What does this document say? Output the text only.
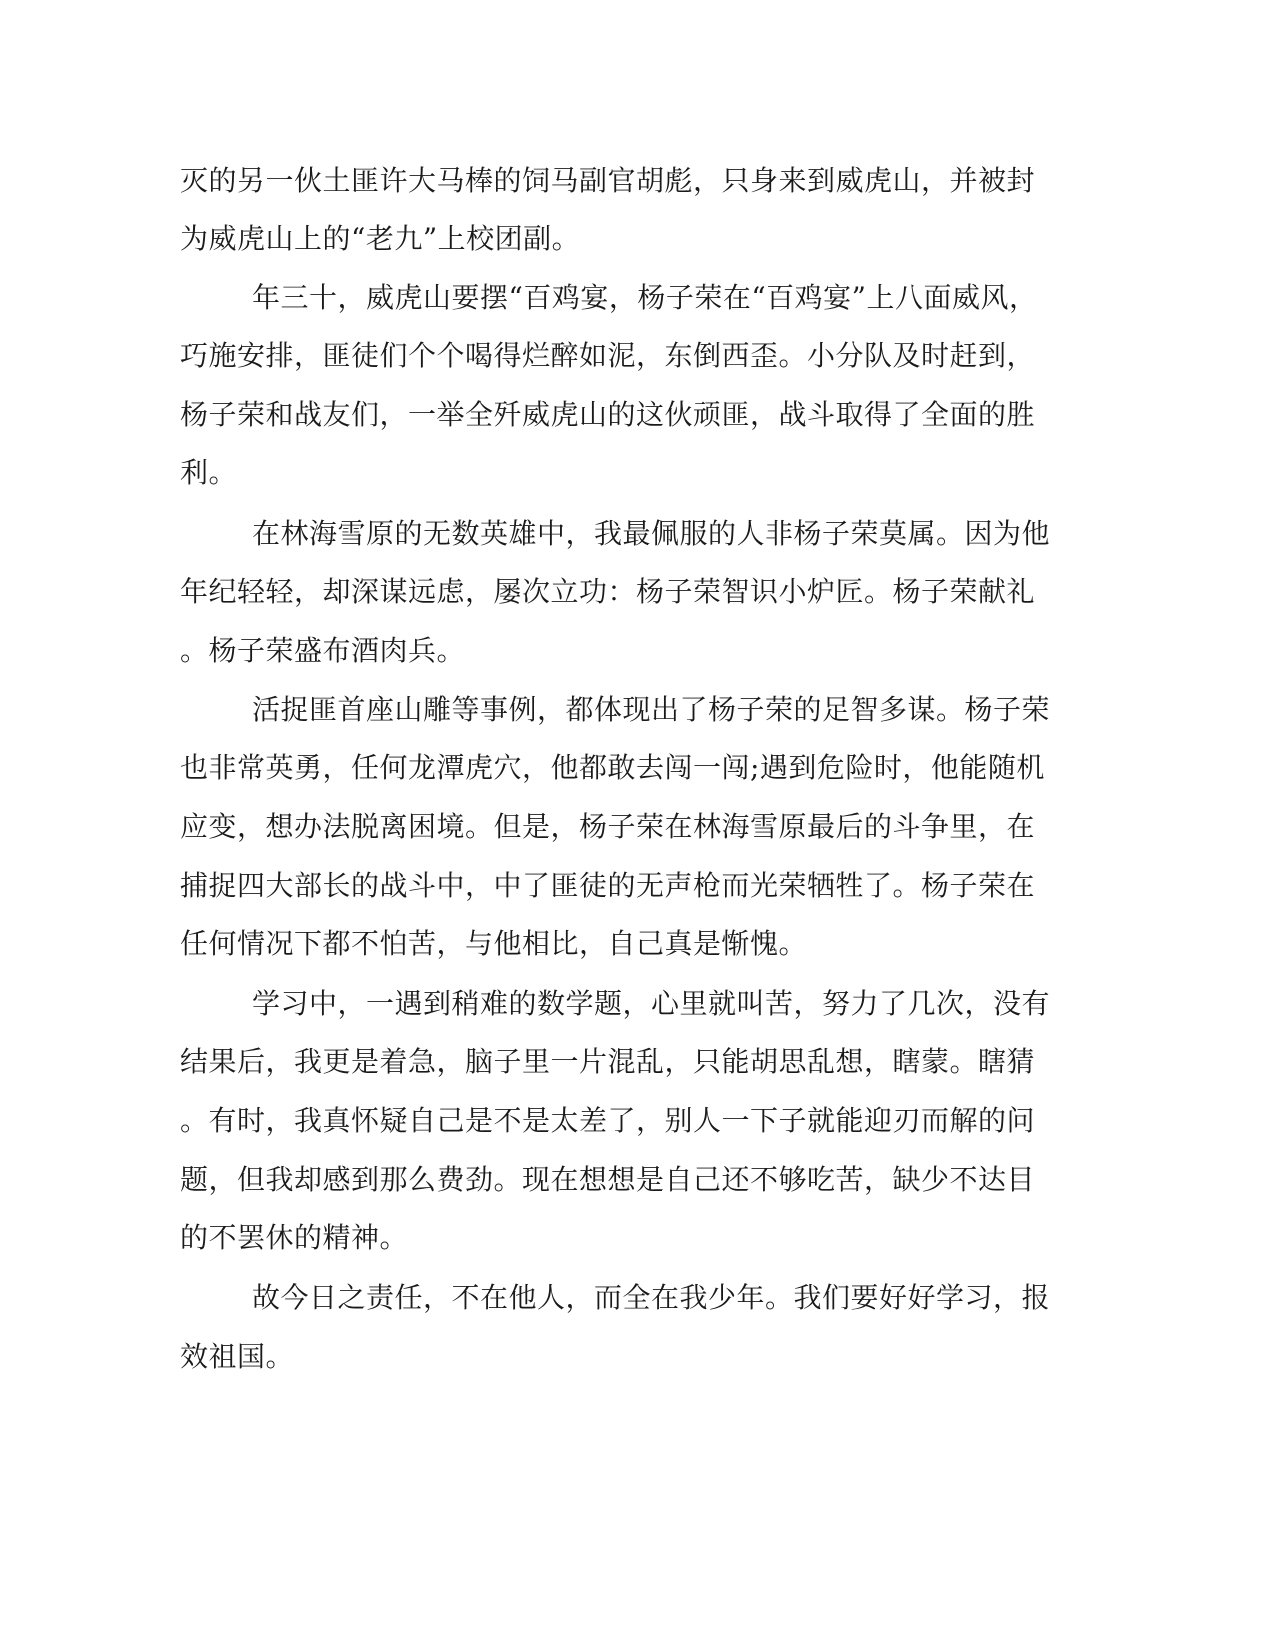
灭的另一伙土匪许大马棒的饲马副官胡彪，只身来到威虎山，并被封
为威虎山上的“老九”上校团副。
年三十，威虎山要摆“百鸡宴，杨子荣在“百鸡宴”上八面威风，
巧施安排，匪徒们个个喝得烂醉如泥，东倒西歪。小分队及时赶到，
杨子荣和战友们，一举全歼威虎山的这伙顽匪，战斗取得了全面的胜
利。
在林海雪原的无数英雄中，我最佩服的人非杨子荣莫属。因为他
年纪轻轻，却深谋远虑，屡次立功：杨子荣智识小炉匠。杨子荣献礼
。杨子荣盛布酒肉兵。
活捉匪首座山雕等事例，都体现出了杨子荣的足智多谋。杨子荣
也非常英勇，任何龙潭虎穴，他都敢去闯一闯;遇到危险时，他能随机
应变，想办法脱离困境。但是，杨子荣在林海雪原最后的斗争里，在
捕捉四大部长的战斗中，中了匪徒的无声枪而光荣牺牲了。杨子荣在
任何情况下都不怕苦，与他相比，自己真是惭愧。
学习中，一遇到稍难的数学题，心里就叫苦，努力了几次，没有
结果后，我更是着急，脑子里一片混乱，只能胡思乱想，瞎蒙。瞎猜
。有时，我真怀疑自己是不是太差了，别人一下子就能迎刃而解的问
题，但我却感到那么费劲。现在想想是自己还不够吃苦，缺少不达目
的不罢休的精神。
故今日之责任，不在他人，而全在我少年。我们要好好学习，报
效祖国。
